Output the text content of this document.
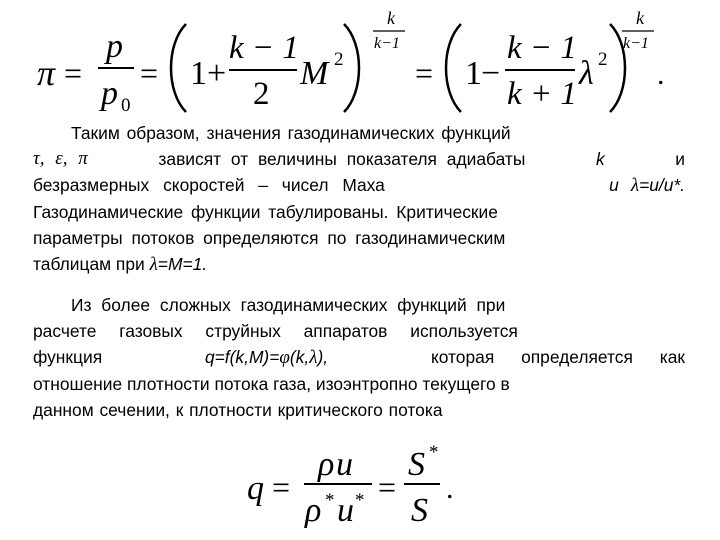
π =
p
p 0
= 1 +
k − 1
2
M 2
k
k−1
= 1 −
k − 1
k + 1
λ 2
k
k−1
.
Таким образом, значения газодинамических функций
τ, ε, π	зависят от величины показателя адиабаты	k	и
безразмерных скоростей – чисел Маха	и λ=u/u*.
Газодинамические функции табулированы. Критические
параметры потоков определяются по газодинамическим
таблицам при λ=M=1.
Из более сложных газодинамических функций при
расчете газовых струйных аппаратов используется
функция	q=f(k,M)=φ(k,λ),	которая определяется как
отношение плотности потока газа, изоэнтропно текущего в
данном сечении, к плотности критического потока
q =
ρ u
ρ * u * =
S *
S
.
